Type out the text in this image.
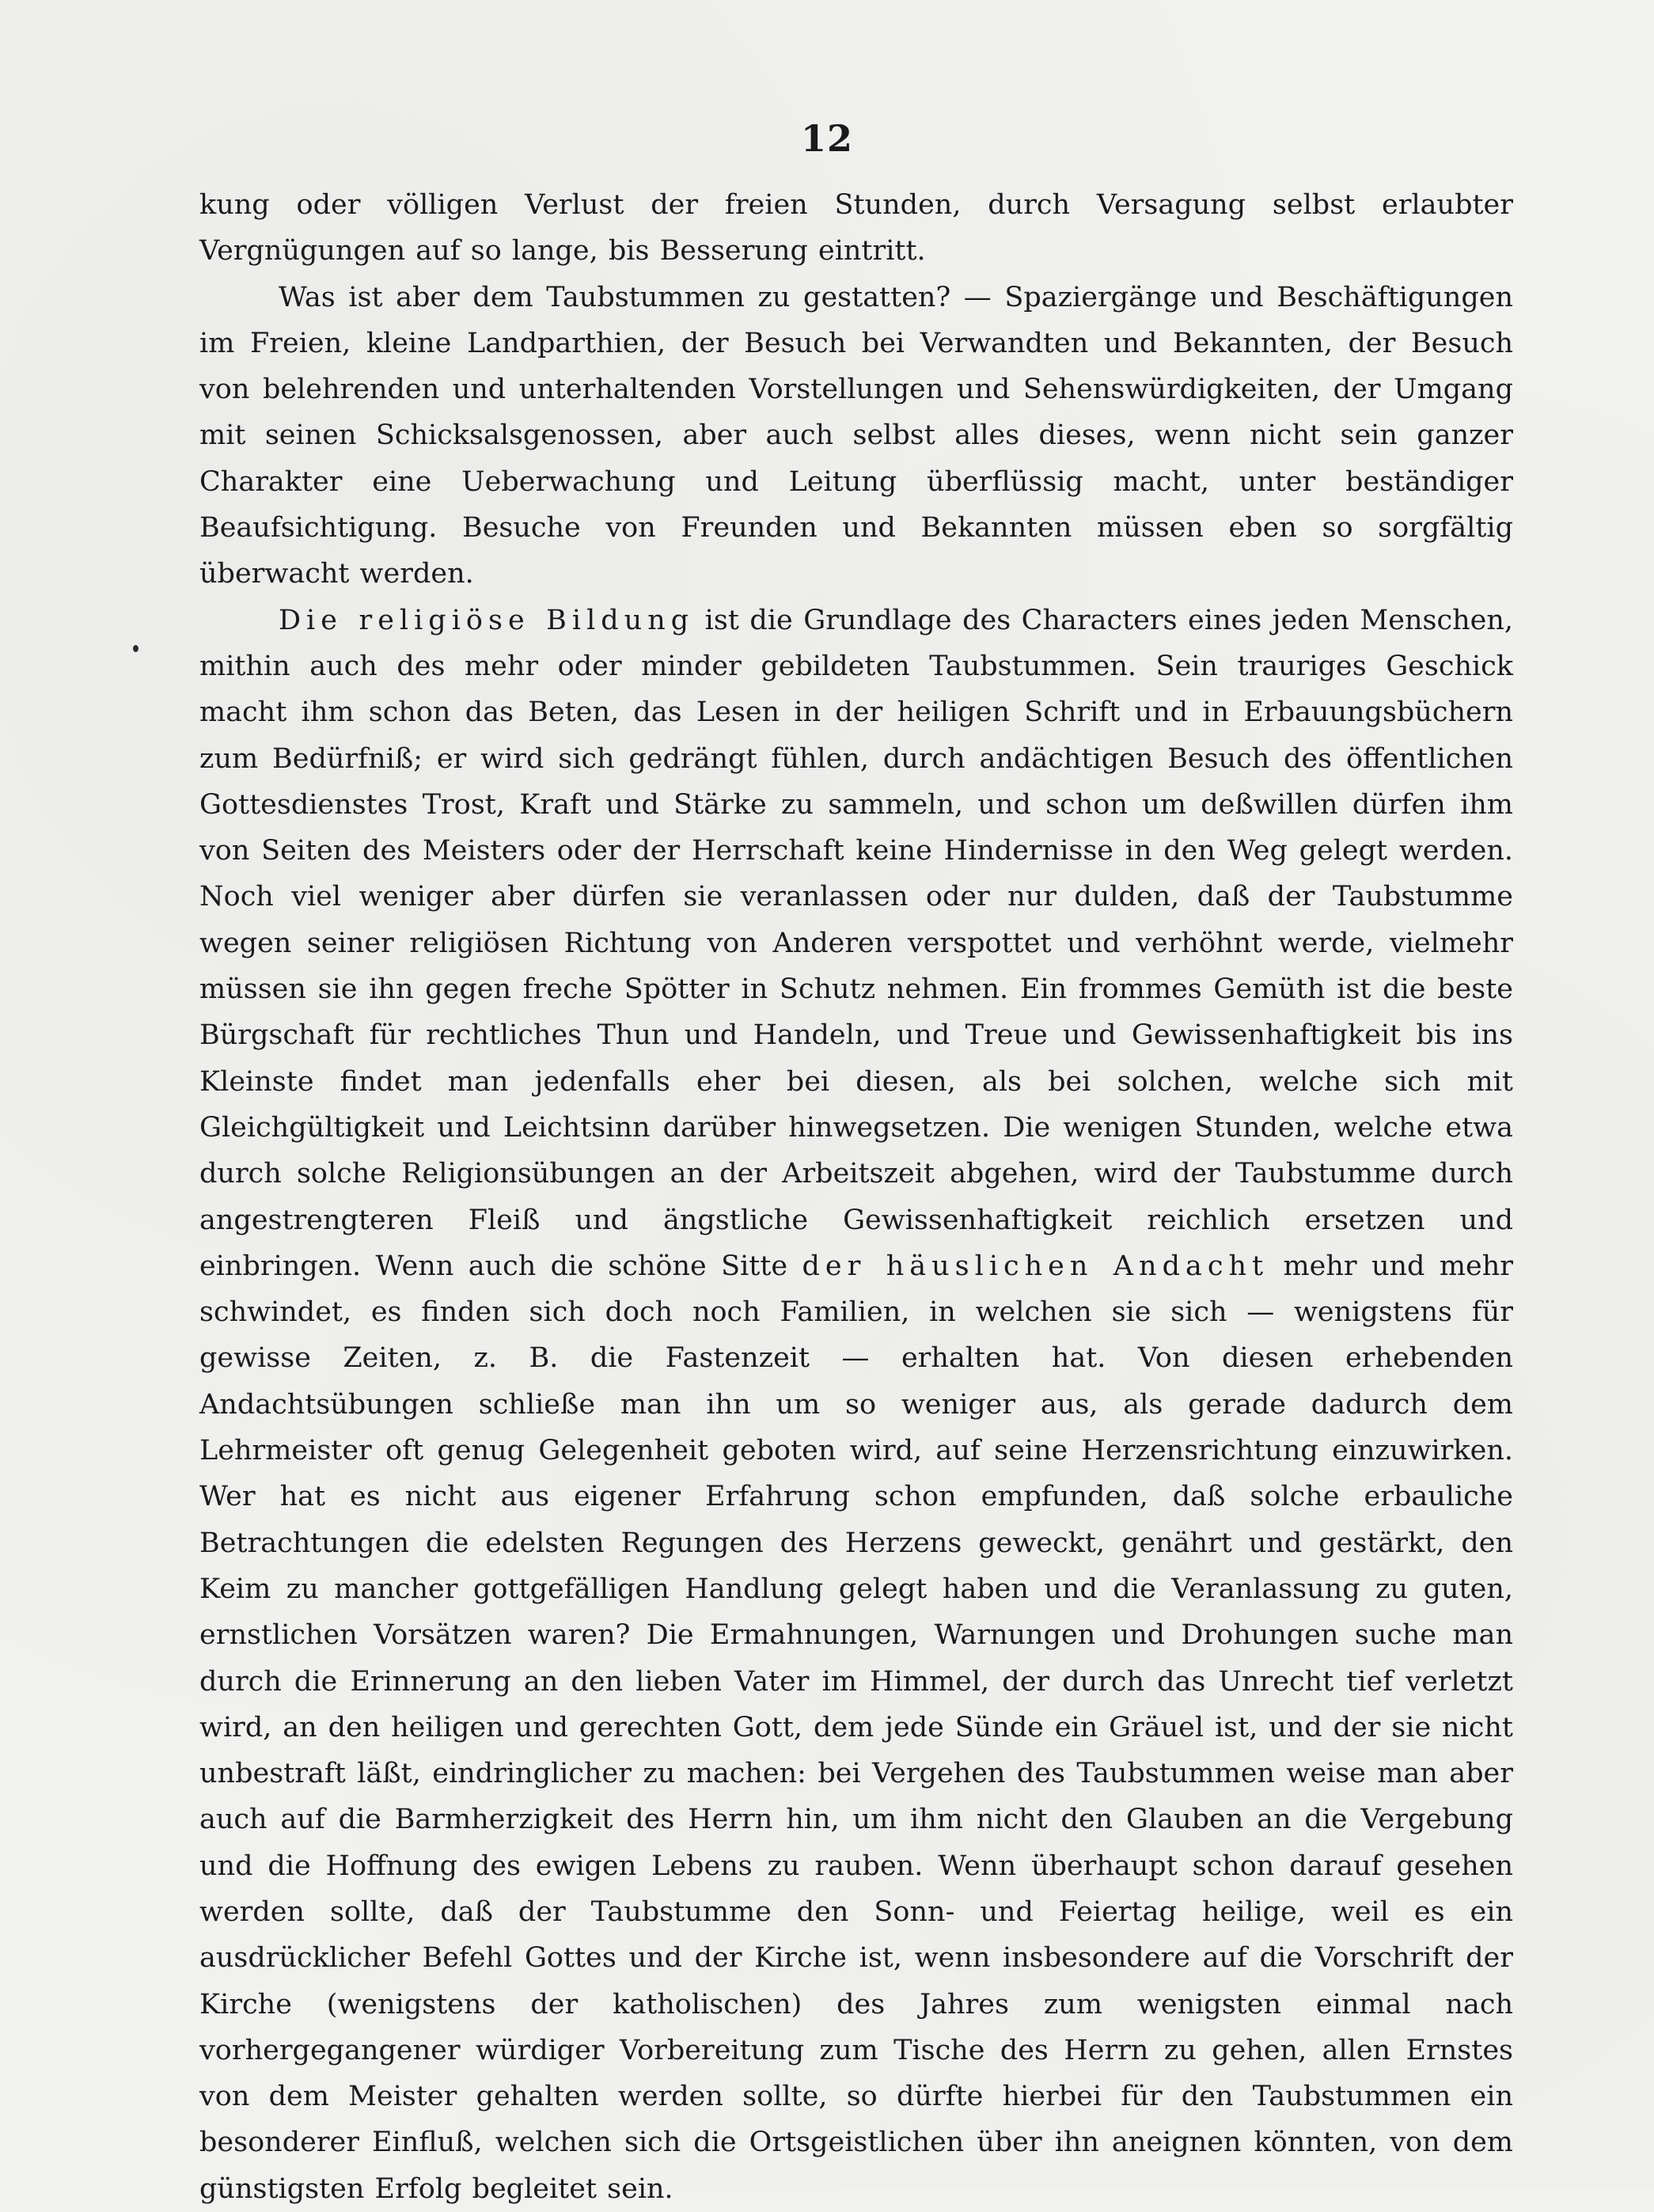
12

kung oder völligen Verlust der freien Stunden, durch Versagung selbst erlaubter Vergnügungen auf so lange, bis Besserung eintritt.

Was ist aber dem Taubstummen zu gestatten? — Spaziergänge und Beschäftigungen im Freien, kleine Landparthien, der Besuch bei Verwandten und Bekannten, der Besuch von belehrenden und unterhaltenden Vorstellungen und Sehenswürdigkeiten, der Umgang mit seinen Schicksalsgenossen, aber auch selbst alles dieses, wenn nicht sein ganzer Charakter eine Ueberwachung und Leitung überflüssig macht, unter beständiger Beaufsichtigung. Besuche von Freunden und Bekannten müssen eben so sorgfältig überwacht werden.

Die religiöse Bildung ist die Grundlage des Characters eines jeden Menschen, mithin auch des mehr oder minder gebildeten Taubstummen. Sein trauriges Geschick macht ihm schon das Beten, das Lesen in der heiligen Schrift und in Erbauungsbüchern zum Bedürfniß; er wird sich gedrängt fühlen, durch andächtigen Besuch des öffentlichen Gottesdienstes Trost, Kraft und Stärke zu sammeln, und schon um deßwillen dürfen ihm von Seiten des Meisters oder der Herrschaft keine Hindernisse in den Weg gelegt werden. Noch viel weniger aber dürfen sie veranlassen oder nur dulden, daß der Taubstumme wegen seiner religiösen Richtung von Anderen verspottet und verhöhnt werde, vielmehr müssen sie ihn gegen freche Spötter in Schutz nehmen. Ein frommes Gemüth ist die beste Bürgschaft für rechtliches Thun und Handeln, und Treue und Gewissenhaftigkeit bis ins Kleinste findet man jedenfalls eher bei diesen, als bei solchen, welche sich mit Gleichgültigkeit und Leichtsinn darüber hinwegsetzen. Die wenigen Stunden, welche etwa durch solche Religionsübungen an der Arbeitszeit abgehen, wird der Taubstumme durch angestrengteren Fleiß und ängstliche Gewissenhaftigkeit reichlich ersetzen und einbringen. Wenn auch die schöne Sitte der häuslichen Andacht mehr und mehr schwindet, es finden sich doch noch Familien, in welchen sie sich — wenigstens für gewisse Zeiten, z. B. die Fastenzeit — erhalten hat. Von diesen erhebenden Andachtsübungen schließe man ihn um so weniger aus, als gerade dadurch dem Lehrmeister oft genug Gelegenheit geboten wird, auf seine Herzensrichtung einzuwirken. Wer hat es nicht aus eigener Erfahrung schon empfunden, daß solche erbauliche Betrachtungen die edelsten Regungen des Herzens geweckt, genährt und gestärkt, den Keim zu mancher gottgefälligen Handlung gelegt haben und die Veranlassung zu guten, ernstlichen Vorsätzen waren? Die Ermahnungen, Warnungen und Drohungen suche man durch die Erinnerung an den lieben Vater im Himmel, der durch das Unrecht tief verletzt wird, an den heiligen und gerechten Gott, dem jede Sünde ein Gräuel ist, und der sie nicht unbestraft läßt, eindringlicher zu machen: bei Vergehen des Taubstummen weise man aber auch auf die Barmherzigkeit des Herrn hin, um ihm nicht den Glauben an die Vergebung und die Hoffnung des ewigen Lebens zu rauben. Wenn überhaupt schon darauf gesehen werden sollte, daß der Taubstumme den Sonn- und Feiertag heilige, weil es ein ausdrücklicher Befehl Gottes und der Kirche ist, wenn insbesondere auf die Vorschrift der Kirche (wenigstens der katholischen) des Jahres zum wenigsten einmal nach vorhergegangener würdiger Vorbereitung zum Tische des Herrn zu gehen, allen Ernstes von dem Meister gehalten werden sollte, so dürfte hierbei für den Taubstummen ein besonderer Einfluß, welchen sich die Ortsgeistlichen über ihn aneignen könnten, von dem günstigsten Erfolg begleitet sein.
